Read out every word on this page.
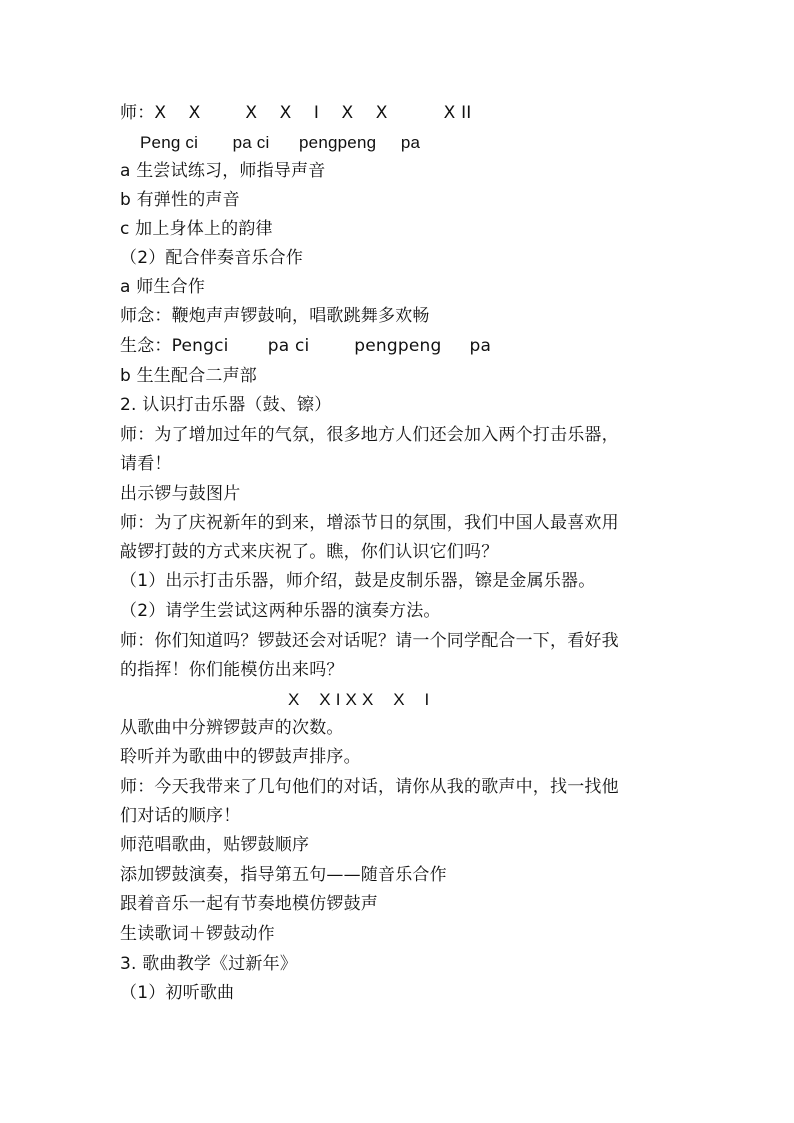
师：X    X        X    X    I    X    X          X II
Peng ci       pa ci      pengpeng     pa
a 生尝试练习，师指导声音
b 有弹性的声音
c 加上身体上的韵律
（2）配合伴奏音乐合作
a 师生合作
师念：鞭炮声声锣鼓响，唱歌跳舞多欢畅
生念：Pengci       pa ci        pengpeng     pa
b 生生配合二声部
2. 认识打击乐器（鼓、镲）
师：为了增加过年的气氛，很多地方人们还会加入两个打击乐器，
请看！
出示锣与鼓图片
师：为了庆祝新年的到来，增添节日的氛围，我们中国人最喜欢用
敲锣打鼓的方式来庆祝了。瞧，你们认识它们吗？
（1）出示打击乐器，师介绍，鼓是皮制乐器，镲是金属乐器。
（2）请学生尝试这两种乐器的演奏方法。
师：你们知道吗？锣鼓还会对话呢？请一个同学配合一下，看好我
的指挥！你们能模仿出来吗？
X    X I X X    X    I
从歌曲中分辨锣鼓声的次数。
聆听并为歌曲中的锣鼓声排序。
师：今天我带来了几句他们的对话，请你从我的歌声中，找一找他
们对话的顺序！
师范唱歌曲，贴锣鼓顺序
添加锣鼓演奏，指导第五句——随音乐合作
跟着音乐一起有节奏地模仿锣鼓声
生读歌词＋锣鼓动作
3. 歌曲教学《过新年》
（1）初听歌曲
